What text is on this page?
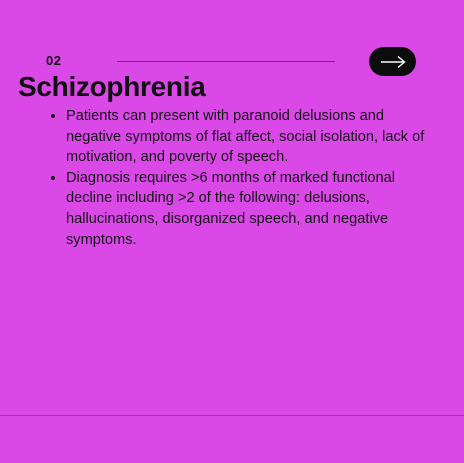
02
Schizophrenia
• Patients can present with paranoid delusions and negative symptoms of flat affect, social isolation, lack of motivation, and poverty of speech.
• Diagnosis requires >6 months of marked functional decline including >2 of the following: delusions, hallucinations, disorganized speech, and negative symptoms.
